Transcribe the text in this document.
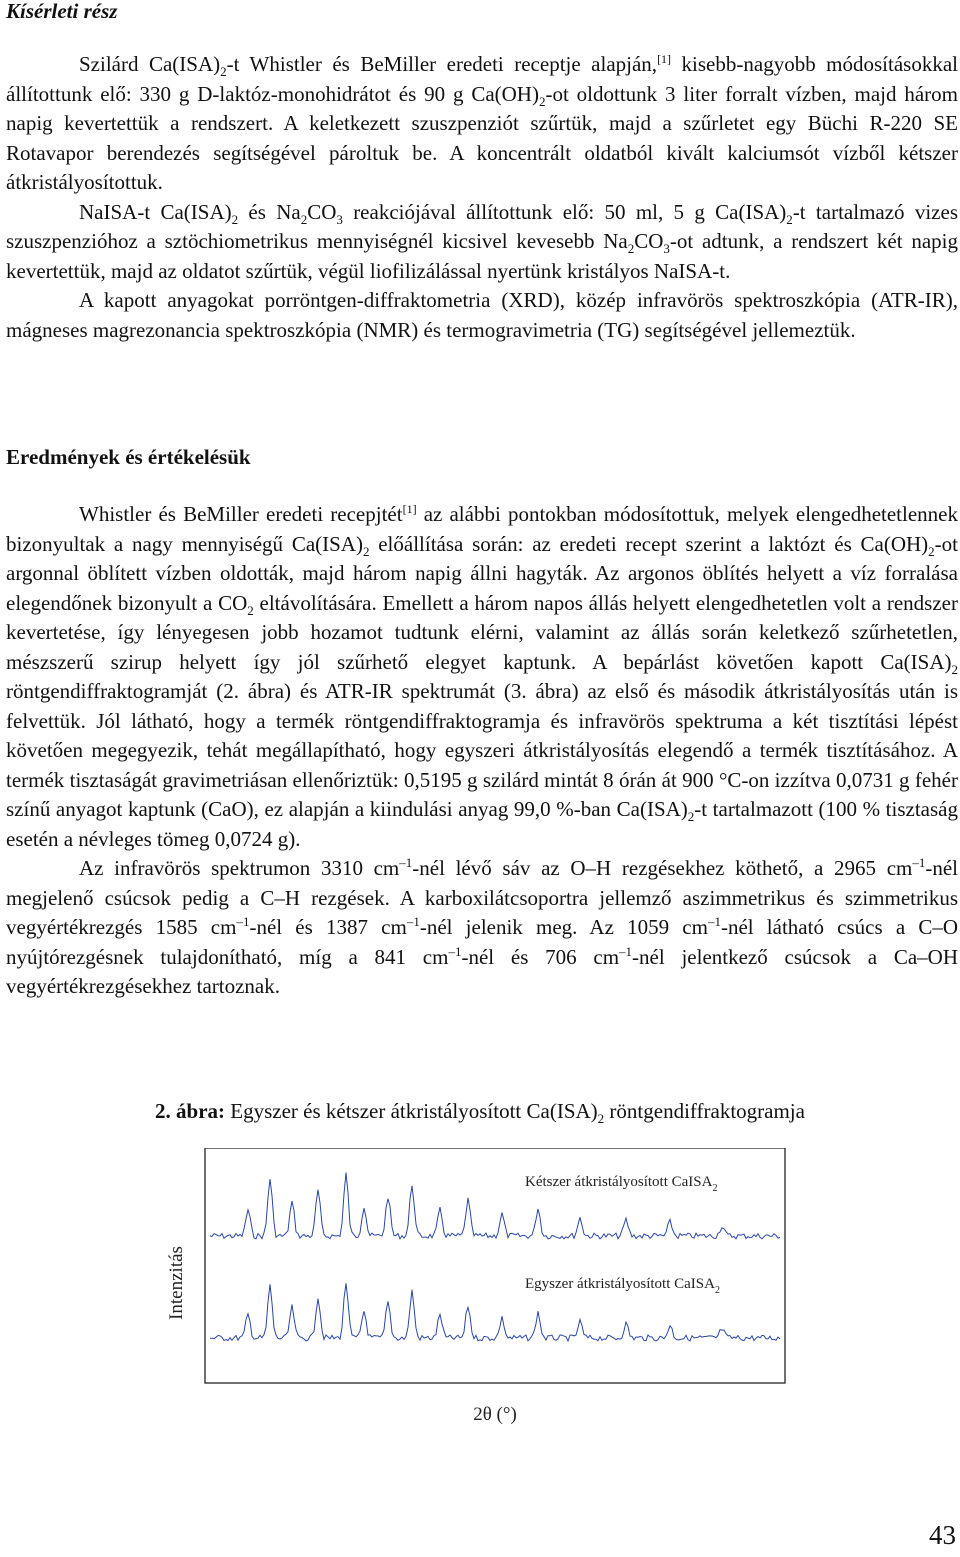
Kísérleti rész

Szilárd $Ca(ISA)_2-t$ Whistler és BeMiller eredeti receptje alapján,[1] kisebb-nagyobb módosításokkal állítottunk elő: 330 g D-laktóz-monohidrátot és 90 g $Ca(OH)_2-ot$ oldottunk 3 liter forralt vízben, majd három napig kevertettük a rendszert. A keletkezett szuszpenziót szűrtük, majd a szűrletet egy Büchi R-220 SE Rotavapor berendezés segítségével pároltuk be. A koncentrált oldatból kivált kalciumsót vízből kétszer átkristályosítottuk.

NaISA-t $Ca(ISA)_2$ és $Na_2CO_3$ reakciójával állítottunk elő: 50 ml, 5 g $Ca(ISA)_2-t$ tartalmazó vizes szuszpenzióhoz a sztöchiometrikus mennyiségnél kicsivel kevesebb $Na_2CO_3-ot$ adtunk, a rendszert két napig kevertettük, majd az oldatot szűrtük, végül liofilizálással nyertünk kristályos NaISA-t.

A kapott anyagokat porröntgen-diffraktometria (XRD), közép infravörös spektroszkópia (ATR-IR), mágneses magrezonancia spektroszkópia (NMR) és termogravimetria (TG) segítségével jellemeztük.

Eredmények és értékelésük

Whistler és BeMiller eredeti recepjtét[1] az alábbi pontokban módosítottuk, melyek elengedhetetlennek bizonyultak a nagy mennyiségű $Ca(ISA)_2$ előállítása során: az eredeti recept szerint a laktózt és $Ca(OH)_2-ot$ argonnal öblített vízben oldották, majd három napig állni hagyták. Az argonos öblítés helyett a víz forralása elegendőnek bizonyult a $CO_2$ eltávolítására. Emellett a három napos állás helyett elengedhetetlen volt a rendszer kevertetése, így lényegesen jobb hozamot tudtunk elérni, valamint az állás során keletkező szűrhetetlen, mészszerű szirup helyett így jól szűrhető elegyet kaptunk. A bepárlást követően kapott $Ca(ISA)_2$ röntgendiffraktogramját (2. ábra) és ATR-IR spektrumát (3. ábra) az első és második átkristályosítás után is felvettük. Jól látható, hogy a termék röntgendiffraktogramja és infravörös spektruma a két tisztítási lépést követően megegyezik, tehát megállapítható, hogy egyszeri átkristályosítás elegendő a termék tisztításához. A termék tisztaságát gravimetriásan ellenőriztük: 0,5195 g szilárd mintát 8 órán át 900 °C-on izzítva 0,0731 g fehér színű anyagot kaptunk (CaO), ez alapján a kiindulási anyag 99,0 %-ban $Ca(ISA)_2-t$ tartalmazott (100 % tisztaság esetén a névleges tömeg 0,0724 g).

Az infravörös spektrumon 3310 $cm^{-1}$-nél lévő sáv az O–H rezgésekhez köthető, a 2965 $cm^{-1}$-nél megjelenő csúcsok pedig a C–H rezgések. A karboxilátcsoportra jellemző aszimmetrikus és szimmetrikus vegyértékrezgés 1585 $cm^{-1}$-nél és 1387 $cm^{-1}$-nél jelenik meg. Az 1059 $cm^{-1}$-nél látható csúcs a C–O nyújtórezgésnek tulajdonítható, míg a 841 $cm^{-1}$-nél és 706 $cm^{-1}$-nél jelentkező csúcsok a Ca–OH vegyértékrezgésekhez tartoznak.

2. ábra: Egyszer és kétszer átkristályosított $Ca(ISA)_2$ röntgendiffraktogramja
Intenzitás
Kétszer átkristályosított CaISA$_2$
Egyszer átkristályosított CaISA$_2$
2θ (°)
43
